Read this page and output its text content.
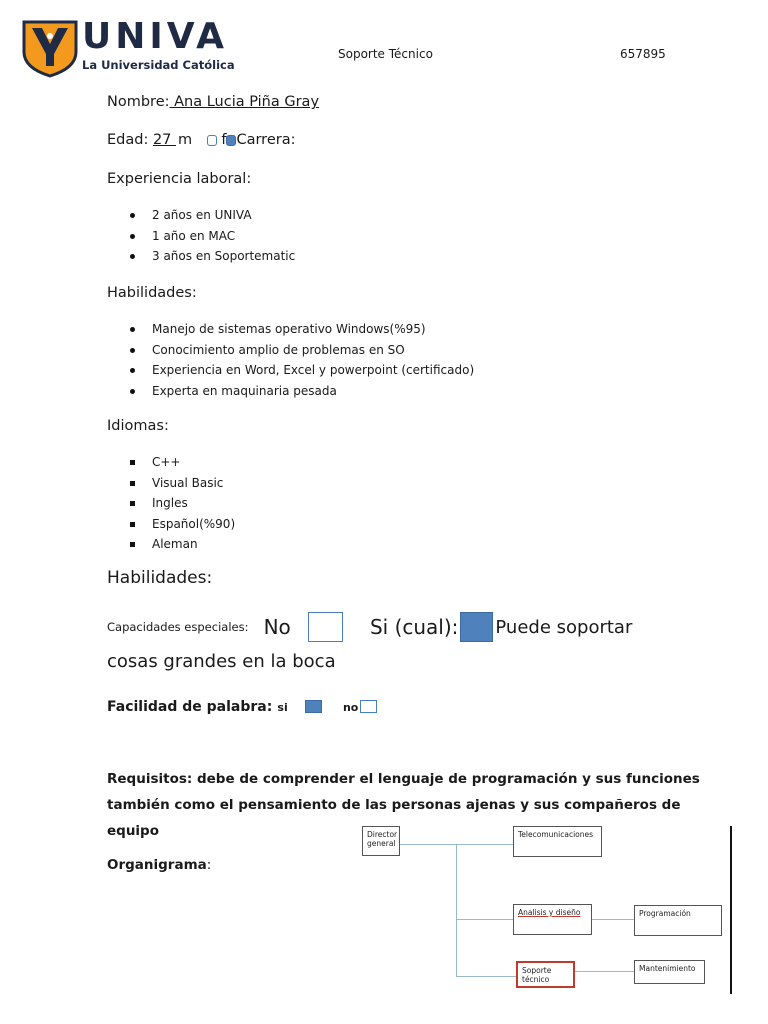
UNIVA
La Universidad Católica
Soporte Técnico	657895
Nombre: Ana Lucia Piña Gray
Edad: 27 m f Carrera:
Experiencia laboral:
2 años en UNIVA
1 año en MAC
3 años en Soportematic
Habilidades:
Manejo de sistemas operativo Windows(%95)
Conocimiento amplio de problemas en SO
Experiencia en Word, Excel y powerpoint (certificado)
Experta en maquinaria pesada
Idiomas:
C++
Visual Basic
Ingles
Español(%90)
Aleman
Habilidades:
Capacidades especiales: No	Si (cual): Puede soportar
cosas grandes en la boca
Facilidad de palabra: si	no
Requisitos: debe de comprender el lenguaje de programación y sus funciones
también como el pensamiento de las personas ajenas y sus compañeros de
equipo
Organigrama:
Director general
Telecomunicaciones
Analisis y diseño	Programación
Soporte técnico
Mantenimiento
